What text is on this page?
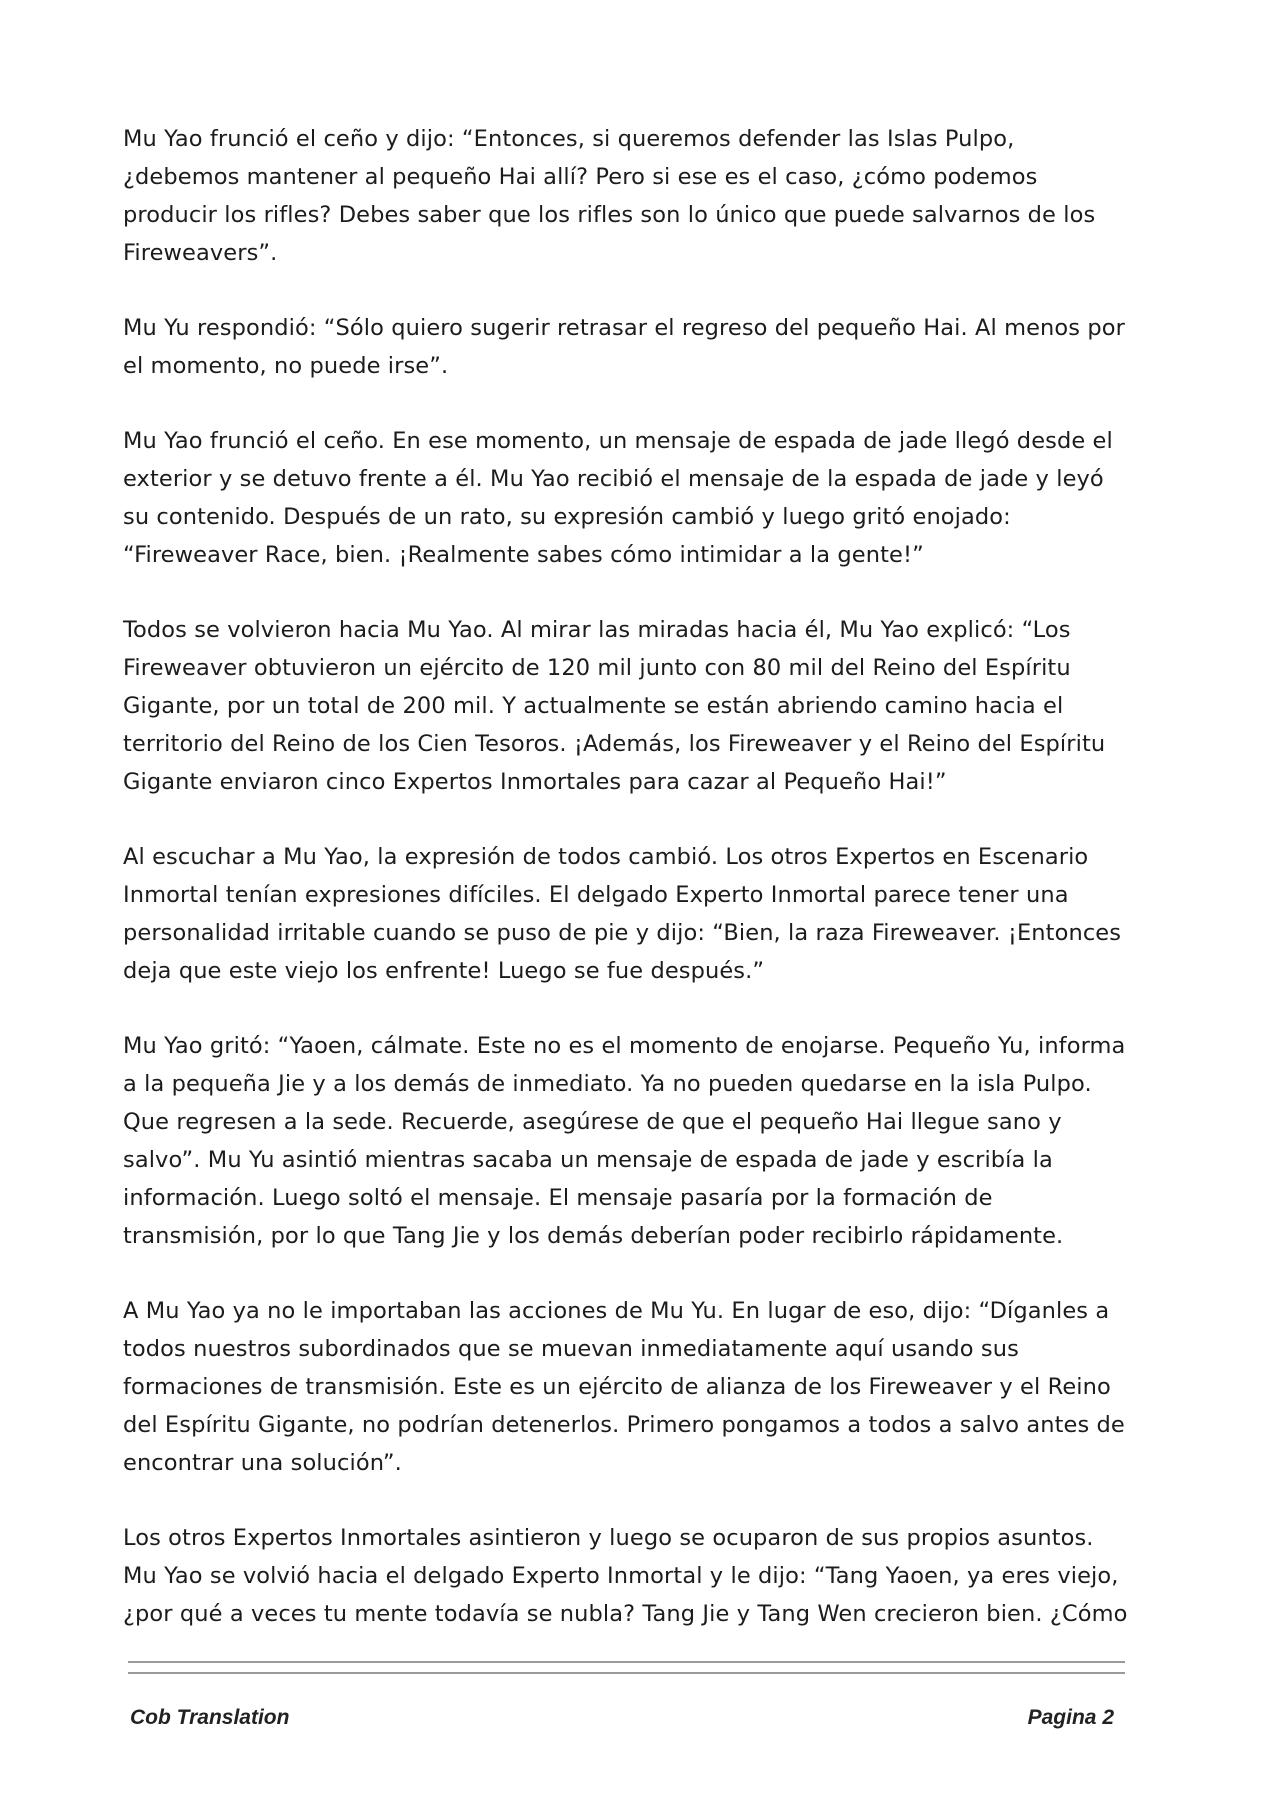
Mu Yao frunció el ceño y dijo: “Entonces, si queremos defender las Islas Pulpo, ¿debemos mantener al pequeño Hai allí? Pero si ese es el caso, ¿cómo podemos producir los rifles? Debes saber que los rifles son lo único que puede salvarnos de los Fireweavers”.

Mu Yu respondió: “Sólo quiero sugerir retrasar el regreso del pequeño Hai. Al menos por el momento, no puede irse”.

Mu Yao frunció el ceño. En ese momento, un mensaje de espada de jade llegó desde el exterior y se detuvo frente a él. Mu Yao recibió el mensaje de la espada de jade y leyó su contenido. Después de un rato, su expresión cambió y luego gritó enojado: “Fireweaver Race, bien. ¡Realmente sabes cómo intimidar a la gente!”

Todos se volvieron hacia Mu Yao. Al mirar las miradas hacia él, Mu Yao explicó: “Los Fireweaver obtuvieron un ejército de 120 mil junto con 80 mil del Reino del Espíritu Gigante, por un total de 200 mil. Y actualmente se están abriendo camino hacia el territorio del Reino de los Cien Tesoros. ¡Además, los Fireweaver y el Reino del Espíritu Gigante enviaron cinco Expertos Inmortales para cazar al Pequeño Hai!”

Al escuchar a Mu Yao, la expresión de todos cambió. Los otros Expertos en Escenario Inmortal tenían expresiones difíciles. El delgado Experto Inmortal parece tener una personalidad irritable cuando se puso de pie y dijo: “Bien, la raza Fireweaver. ¡Entonces deja que este viejo los enfrente! Luego se fue después.”

Mu Yao gritó: “Yaoen, cálmate. Este no es el momento de enojarse. Pequeño Yu, informa a la pequeña Jie y a los demás de inmediato. Ya no pueden quedarse en la isla Pulpo. Que regresen a la sede. Recuerde, asegúrese de que el pequeño Hai llegue sano y salvo”. Mu Yu asintió mientras sacaba un mensaje de espada de jade y escribía la información. Luego soltó el mensaje. El mensaje pasaría por la formación de transmisión, por lo que Tang Jie y los demás deberían poder recibirlo rápidamente.

A Mu Yao ya no le importaban las acciones de Mu Yu. En lugar de eso, dijo: “Díganles a todos nuestros subordinados que se muevan inmediatamente aquí usando sus formaciones de transmisión. Este es un ejército de alianza de los Fireweaver y el Reino del Espíritu Gigante, no podrían detenerlos. Primero pongamos a todos a salvo antes de encontrar una solución”.

Los otros Expertos Inmortales asintieron y luego se ocuparon de sus propios asuntos. Mu Yao se volvió hacia el delgado Experto Inmortal y le dijo: “Tang Yaoen, ya eres viejo, ¿por qué a veces tu mente todavía se nubla? Tang Jie y Tang Wen crecieron bien. ¿Cómo

Cob Translation	Pagina 2
